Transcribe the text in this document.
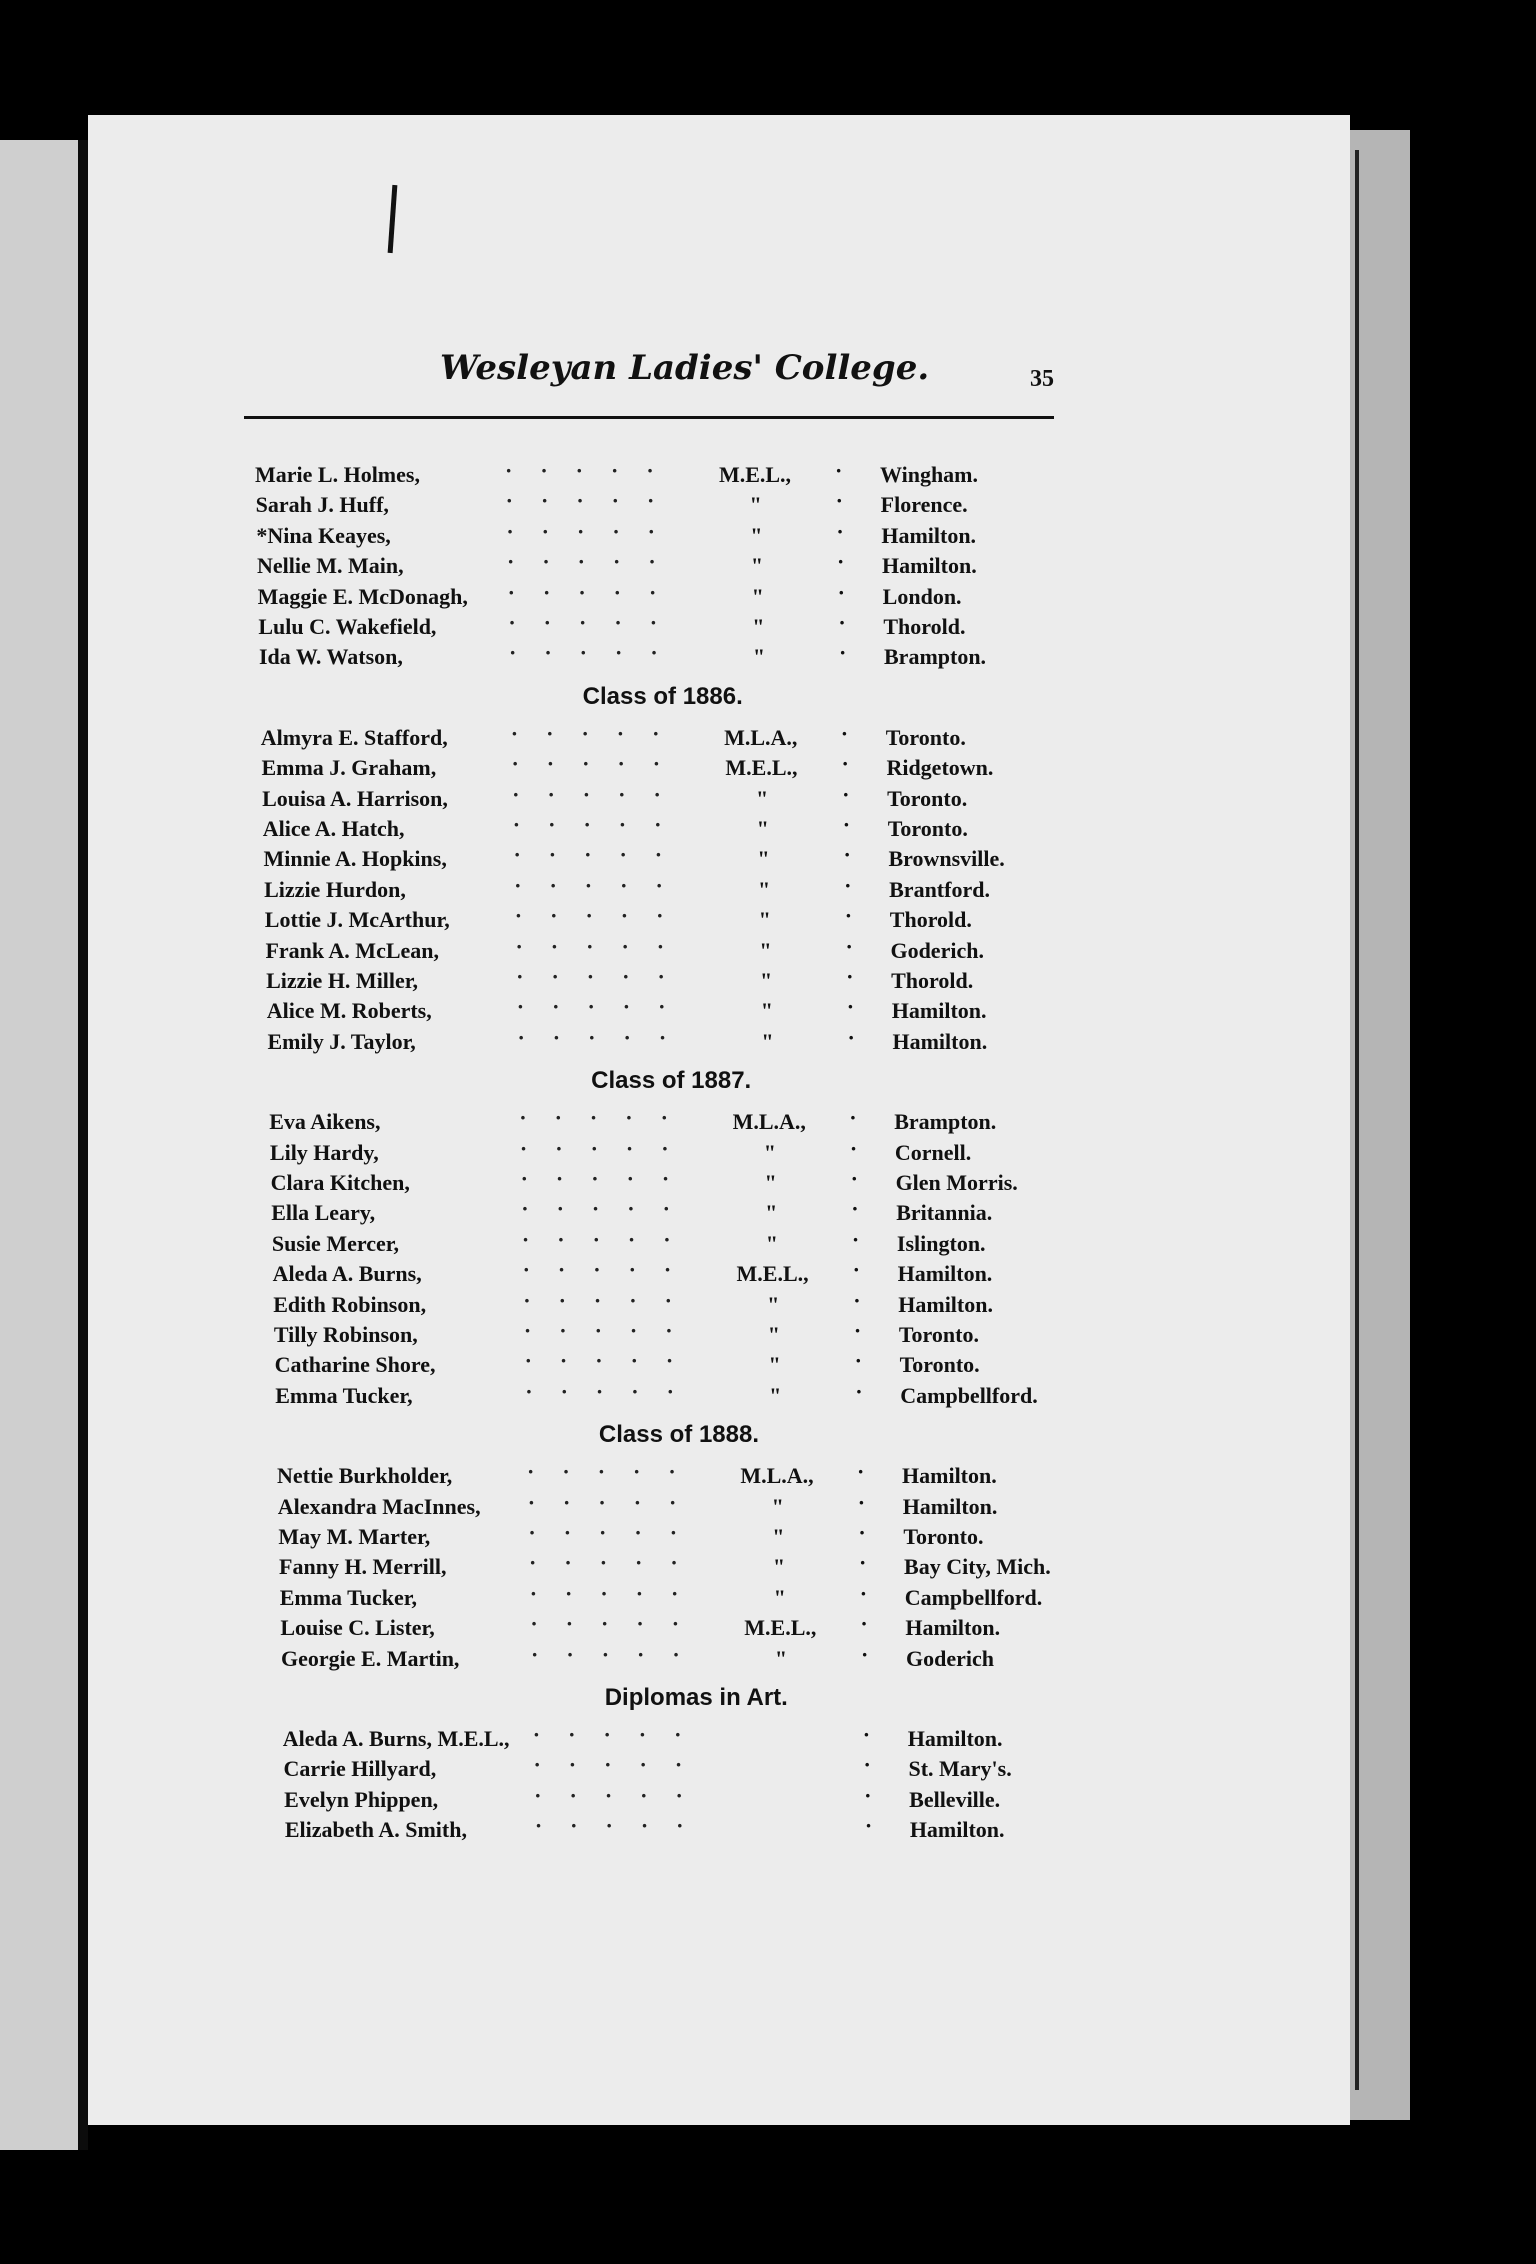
Wesleyan Ladies' College.	35
Marie L. Holmes,	·····	M.E.L., · Wingham.
Sarah J. Huff,	·····	"	· Florence.
*Nina Keayes,	·····	"	· Hamilton.
Nellie M. Main,	·····	"	· Hamilton.
Maggie E. McDonagh, ·····	"	· London.
Lulu C. Wakefield,	·····	"	· Thorold.
Ida W. Watson,	·····	"	· Brampton.
Class of 1886.
Almyra E. Stafford,	·····	M.L.A., · Toronto.
Emma J. Graham,	·····	M.E.L., · Ridgetown.
Louisa A. Harrison,	·····	"	· Toronto.
Alice A. Hatch,	·····	"	· Toronto.
Minnie A. Hopkins,	·····	"	· Brownsville.
Lizzie Hurdon,	·····	"	· Brantford.
Lottie J. McArthur,	·····	"	· Thorold.
Frank A. McLean,	·····	"	· Goderich.
Lizzie H. Miller,	·····	"	· Thorold.
Alice M. Roberts,	·····	"	· Hamilton.
Emily J. Taylor,	·····	"	· Hamilton.
Class of 1887.
Eva Aikens,	·····	M.L.A., · Brampton.
Lily Hardy,	·····	"	· Cornell.
Clara Kitchen,	·····	"	· Glen Morris.
Ella Leary,	·····	"	· Britannia.
Susie Mercer,	·····	"	· Islington.
Aleda A. Burns,	·····	M.E.L., · Hamilton.
Edith Robinson,	·····	"	· Hamilton.
Tilly Robinson,	·····	"	· Toronto.
Catharine Shore,	·····	"	· Toronto.
Emma Tucker,	·····	"	· Campbellford.
Class of 1888.
Nettie Burkholder,	·····	M.L.A., · Hamilton.
Alexandra MacInnes, ·····	"	· Hamilton.
May M. Marter,	·····	"	· Toronto.
Fanny H. Merrill,	·····	"	· Bay City, Mich.
Emma Tucker,	·····	"	· Campbellford.
Louise C. Lister,	·····	M.E.L., · Hamilton.
Georgie E. Martin,	·····	"	· Goderich
Diplomas in Art.
Aleda A. Burns, M.E.L., ·····	· Hamilton.
Carrie Hillyard,	·····	· St. Mary's.
Evelyn Phippen,	·····	· Belleville.
Elizabeth A. Smith,	·····	· Hamilton.
